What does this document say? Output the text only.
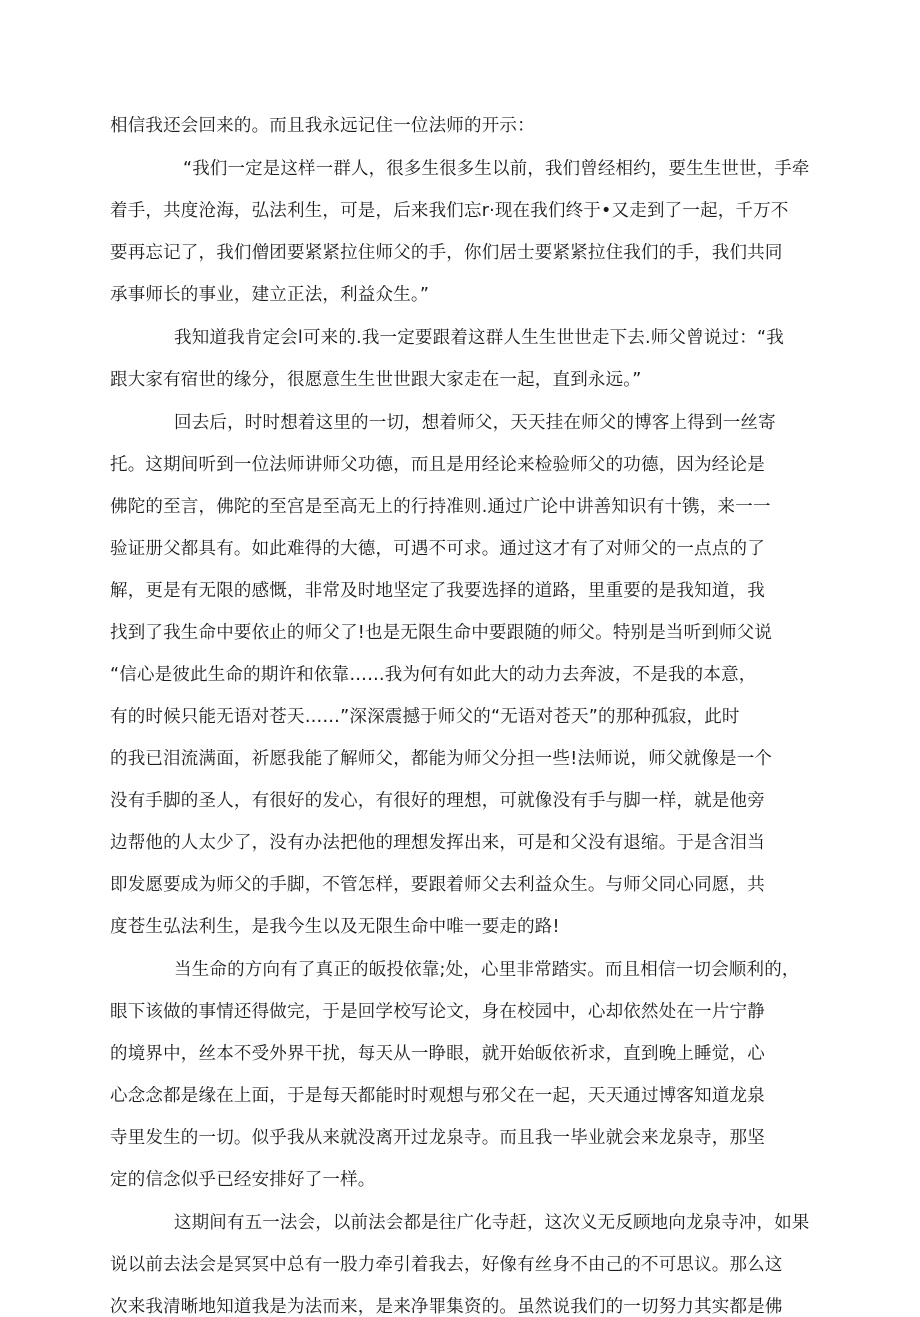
相信我还会回来的。而且我永远记住一位法师的开示：
“我们一定是这样一群人，很多生很多生以前，我们曾经相约，要生生世世，手牵
着手，共度沧海，弘法利生，可是，后来我们忘r·现在我们终于•又走到了一起，千万不
要再忘记了，我们僧团要紧紧拉住师父的手，你们居士要紧紧拉住我们的手，我们共同
承事师长的事业，建立正法，利益众生。”
我知道我肯定会l可来的.我一定要跟着这群人生生世世走下去.师父曾说过：“我
跟大家有宿世的缘分，很愿意生生世世跟大家走在一起，直到永远。”
回去后，时时想着这里的一切，想着师父，天天挂在师父的博客上得到一丝寄
托。这期间听到一位法师讲师父功德，而且是用经论来检验师父的功德，因为经论是
佛陀的至言，佛陀的至宫是至高无上的行持准则.通过广论中讲善知识有十镌，来一一
验证册父都具有。如此难得的大德，可遇不可求。通过这才有了对师父的一点点的了
解，更是有无限的感慨，非常及时地坚定了我要选择的道路，里重要的是我知道，我
找到了我生命中要依止的师父了!也是无限生命中要跟随的师父。特别是当听到师父说
“信心是彼此生命的期许和依靠……我为何有如此大的动力去奔波，不是我的本意，
有的时候只能无语对苍天……”深深震撼于师父的“无语对苍天”的那种孤寂，此时
的我已泪流满面，祈愿我能了解师父，都能为师父分担一些!法师说，师父就像是一个
没有手脚的圣人，有很好的发心，有很好的理想，可就像没有手与脚一样，就是他旁
边帮他的人太少了，没有办法把他的理想发挥出来，可是和父没有退缩。于是含泪当
即发愿要成为师父的手脚，不管怎样，要跟着师父去利益众生。与师父同心同愿，共
度苍生弘法利生，是我今生以及无限生命中唯一要走的路!
当生命的方向有了真正的皈投依靠;处，心里非常踏实。而且相信一切会顺利的，
眼下该做的事情还得做完，于是回学校写论文，身在校园中，心却依然处在一片宁静
的境界中，丝本不受外界干扰，每天从一睁眼，就开始皈依祈求，直到晚上睡觉，心
心念念都是缘在上面，于是每天都能时时观想与邪父在一起，天天通过博客知道龙泉
寺里发生的一切。似乎我从来就没离开过龙泉寺。而且我一毕业就会来龙泉寺，那坚
定的信念似乎已经安排好了一样。
这期间有五一法会，以前法会都是往广化寺赶，这次义无反顾地向龙泉寺冲，如果
说以前去法会是冥冥中总有一股力牵引着我去，好像有丝身不由己的不可思议。那么这
次来我清晰地知道我是为法而来，是来净罪集资的。虽然说我们的一切努力其实都是佛
